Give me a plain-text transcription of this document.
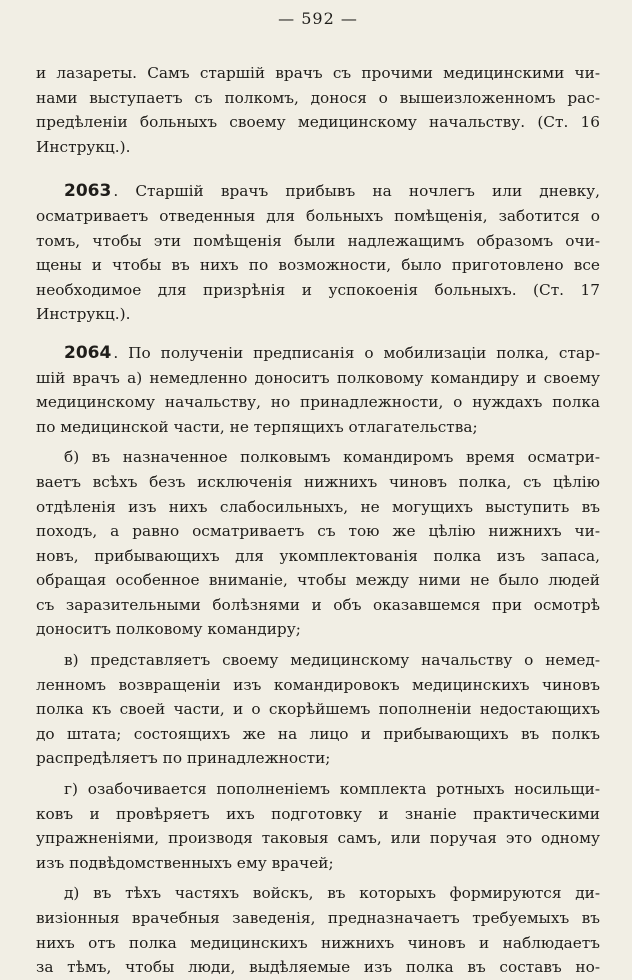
— 592 —
и лазареты. Самъ старшій врачъ съ прочими медицинскими чи-
нами выступаетъ съ полкомъ, донося о вышеизложенномъ рас-
предѣленіи больныхъ своему медицинскому начальству. (Ст. 16
Инструкц.).
2063 . Старшій врачъ прибывъ на ночлегъ или дневку,
осматриваетъ отведенныя для больныхъ помѣщенія, заботится о
томъ, чтобы эти помѣщенія были надлежащимъ образомъ очи-
щены и чтобы въ нихъ по возможности, было приготовлено все
необходимое для призрѣнія и успокоенія больныхъ. (Ст. 17
Инструкц.).
2064 . По полученіи предписанія о мобилизаціи полка, стар-
шій врачъ а) немедленно доноситъ полковому командиру и своему
медицинскому начальству, но принадлежности, о нуждахъ полка
по медицинской части, не терпящихъ отлагательства;
б) въ назначенное полковымъ командиромъ время осматри-
ваетъ всѣхъ безъ исключенія нижнихъ чиновъ полка, съ цѣлію
отдѣленія изъ нихъ слабосильныхъ, не могущихъ выступить въ
походъ, а равно осматриваетъ съ тою же цѣлію нижнихъ чи-
новъ, прибывающихъ для укомплектованія полка изъ запаса,
обращая особенное вниманіе, чтобы между ними не было людей
съ заразительными болѣзнями и объ оказавшемся при осмотрѣ
доноситъ полковому командиру;
в) представляетъ своему медицинскому начальству о немед-
ленномъ возвращеніи изъ командировокъ медицинскихъ чиновъ
полка къ своей части, и о скорѣйшемъ пополненіи недостающихъ
до штата; состоящихъ же на лицо и прибывающихъ въ полкъ
распредѣляетъ по принадлежности;
г) озабочивается пополненіемъ комплекта ротныхъ носильщи-
ковъ и провѣряетъ ихъ подготовку и знаніе практическими
упражненіями, производя таковыя самъ, или поручая это одному
изъ подвѣдомственныхъ ему врачей;
д) въ тѣхъ частяхъ войскъ, въ которыхъ формируются ди-
визіонныя врачебныя заведенія, предназначаетъ требуемыхъ въ
нихъ отъ полка медицинскихъ нижнихъ чиновъ и наблюдаетъ
за тѣмъ, чтобы люди, выдѣляемые изъ полка въ составъ но-
